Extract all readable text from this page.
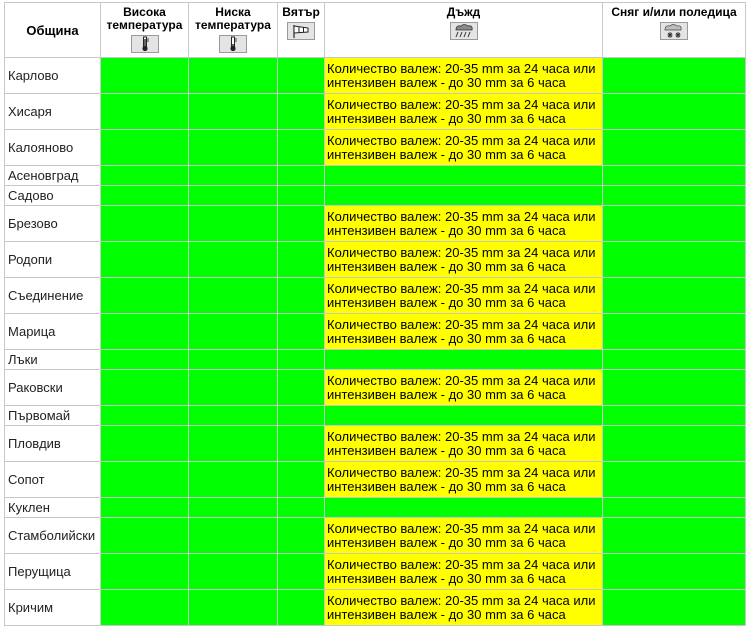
Община	Висока температура	Ниска температура	Вятър	Дъжд	Сняг и/или поледица

Карлово				Количество валеж: 20-35 mm за 24 часа или интензивен валеж - до 30 mm за 6 часа	
Хисаря				Количество валеж: 20-35 mm за 24 часа или интензивен валеж - до 30 mm за 6 часа	
Калояново				Количество валеж: 20-35 mm за 24 часа или интензивен валеж - до 30 mm за 6 часа	
Асеновград					
Садово					
Брезово				Количество валеж: 20-35 mm за 24 часа или интензивен валеж - до 30 mm за 6 часа	
Родопи				Количество валеж: 20-35 mm за 24 часа или интензивен валеж - до 30 mm за 6 часа	
Съединение				Количество валеж: 20-35 mm за 24 часа или интензивен валеж - до 30 mm за 6 часа	
Марица				Количество валеж: 20-35 mm за 24 часа или интензивен валеж - до 30 mm за 6 часа	
Лъки					
Раковски				Количество валеж: 20-35 mm за 24 часа или интензивен валеж - до 30 mm за 6 часа	
Първомай					
Пловдив				Количество валеж: 20-35 mm за 24 часа или интензивен валеж - до 30 mm за 6 часа	
Сопот				Количество валеж: 20-35 mm за 24 часа или интензивен валеж - до 30 mm за 6 часа	
Куклен					
Стамболийски				Количество валеж: 20-35 mm за 24 часа или интензивен валеж - до 30 mm за 6 часа	
Перущица				Количество валеж: 20-35 mm за 24 часа или интензивен валеж - до 30 mm за 6 часа	
Кричим				Количество валеж: 20-35 mm за 24 часа или интензивен валеж - до 30 mm за 6 часа	
